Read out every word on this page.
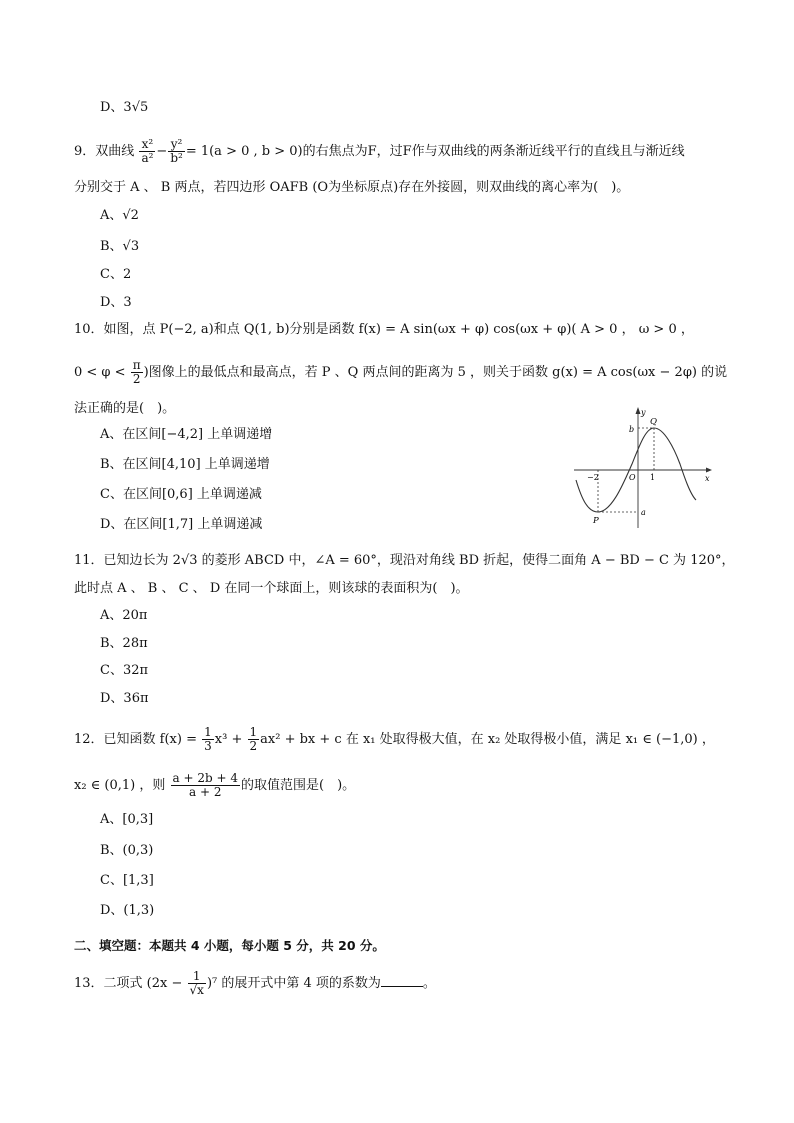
D、3√5
9．双曲线 $\frac{\text{x²}}{\text{a²}} - \frac{\text{y²}}{\text{b²}} = 1(a > 0$ , b > 0)的右焦点为F，过F作与双曲线的两条渐近线平行的直线且与渐近线
分别交于 A 、 B 两点，若四边形 OAFB (O为坐标原点)存在外接圆，则双曲线的离心率为(　)。
A、√2
B、√3
C、2
D、3
10．如图，点 P(−2, a)和点 Q(1, b)分别是函数 f(x) = A sin(ωx + φ) cos(ωx + φ)( A > 0 ， ω > 0 ，
$0 < \varphi < \frac{\pi}{2}$ )图像上的最低点和最高点，若 P 、Q 两点间的距离为 5 ，则关于函数 g(x) = A cos(ωx − 2φ) 的说
法正确的是(　)。
A、在区间[−4,2] 上单调递增
B、在区间[4,10] 上单调递增
C、在区间[0,6] 上单调递减
D、在区间[1,7] 上单调递减
y
x
b
Q
O 1
−2
a
P
11．已知边长为 2√3 的菱形 ABCD 中，∠A = 60°，现沿对角线 BD 折起，使得二面角 A − BD − C 为 120°，
此时点 A 、 B 、 C 、 D 在同一个球面上，则该球的表面积为(　)。
A、20π
B、28π
C、32π
D、36π
12．已知函数 $f(x) = \frac{1}{3} x^3 + \frac{1}{2} ax^2$ + bx + c 在 x₁ 处取得极大值，在 x₂ 处取得极小值，满足 x₁ ∈ (−1,0) ，
x₂ ∈ (0,1) ，则 $\frac{a + 2b + 4}{a + 2}$ 的取值范围是(　)。
A、[0,3]
B、(0,3)
C、[1,3]
D、(1,3)
二、填空题：本题共 4 小题，每小题 5 分，共 20 分。
13．二项式 $(2x - \frac{1}{√x} )^7$ 的展开式中第 4 项的系数为	。
